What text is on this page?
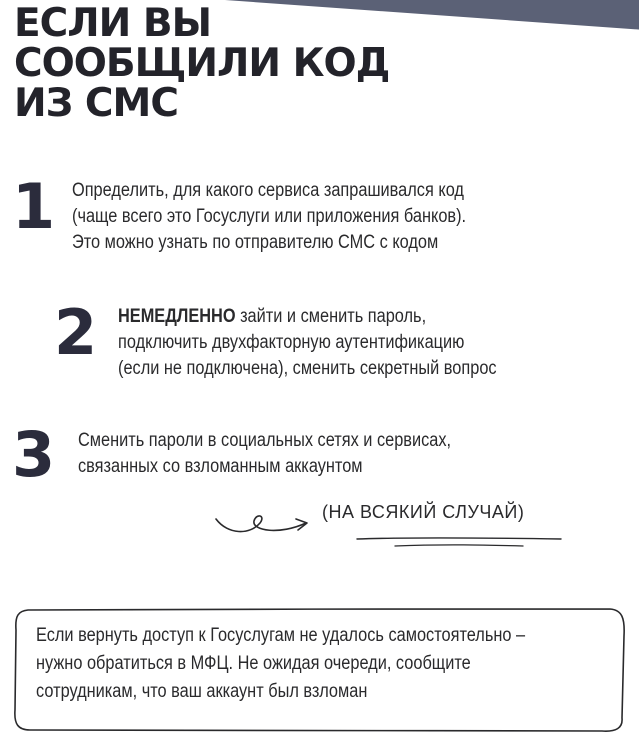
ЕСЛИ ВЫ
СООБЩИЛИ КОД
ИЗ СМС
1 Определить, для какого сервиса запрашивался код
(чаще всего это Госуслуги или приложения банков).
Это можно узнать по отправителю СМС с кодом
2 НЕМЕДЛЕННО зайти и сменить пароль,
подключить двухфакторную аутентификацию
(если не подключена), сменить секретный вопрос
3 Сменить пароли в социальных сетях и сервисах,
связанных со взломанным аккаунтом
(НА ВСЯКИЙ СЛУЧАЙ)
Если вернуть доступ к Госуслугам не удалось самостоятельно –
нужно обратиться в МФЦ. Не ожидая очереди, сообщите
сотрудникам, что ваш аккаунт был взломан
